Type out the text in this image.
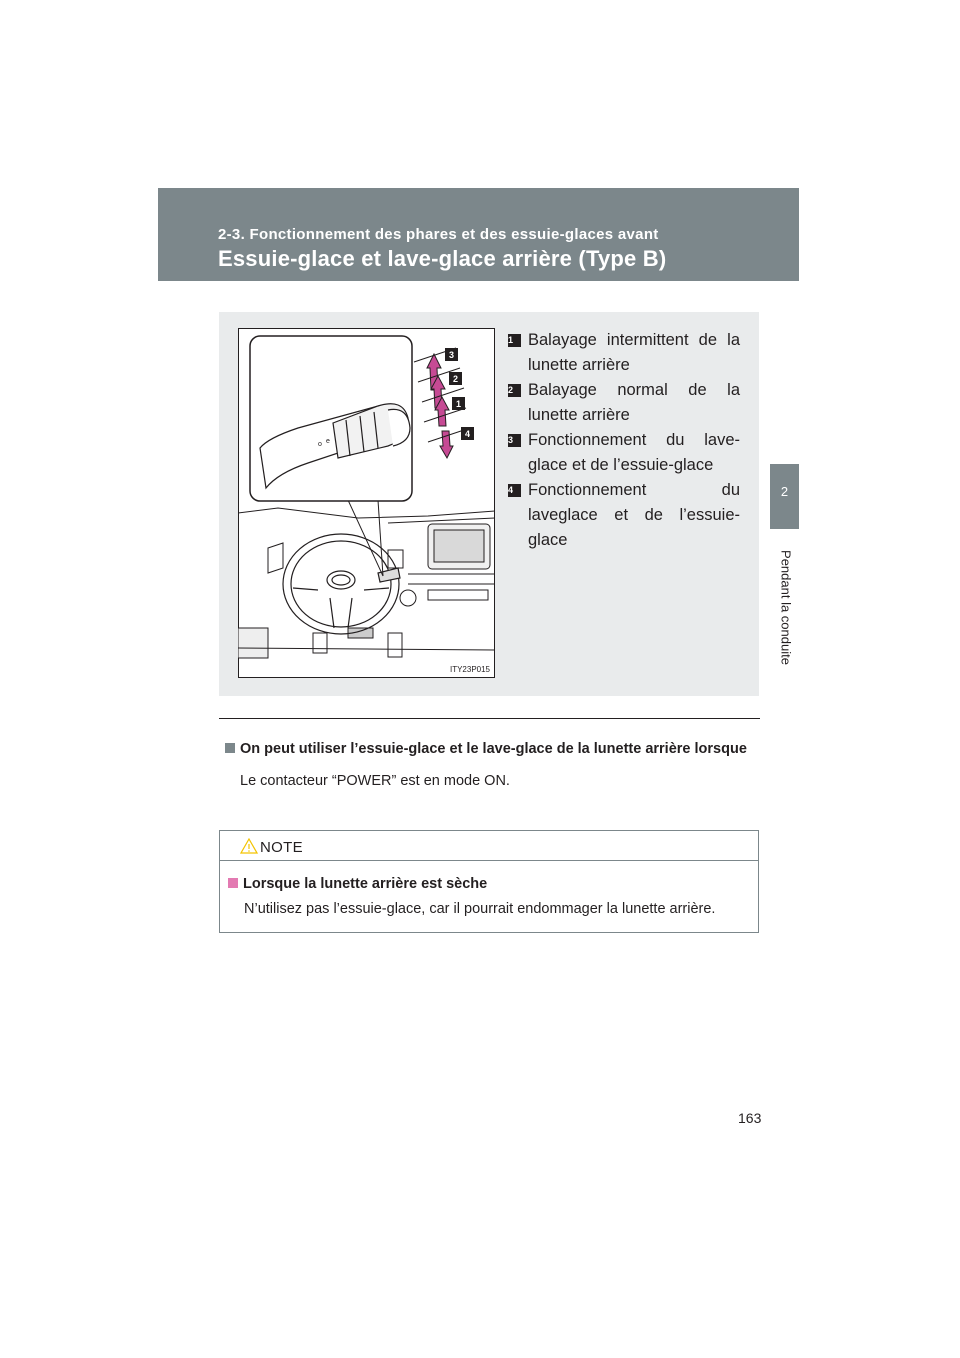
2-3. Fonctionnement des phares et des essuie-glaces avant
Essuie-glace et lave-glace arrière (Type B)
2
Pendant la conduite
o e
3
2
1
4
ITY23P015
1 Balayage intermittent de la lunette arrière
2 Balayage normal de la lunette arrière
3 Fonctionnement du lave-glace et de l’essuie-glace
4 Fonctionnement du laveglace et de l’essuie-glace
On peut utiliser l’essuie-glace et le lave-glace de la lunette arrière lorsque
Le contacteur “POWER” est en mode ON.
NOTE
Lorsque la lunette arrière est sèche
N’utilisez pas l’essuie-glace, car il pourrait endommager la lunette arrière.
163
